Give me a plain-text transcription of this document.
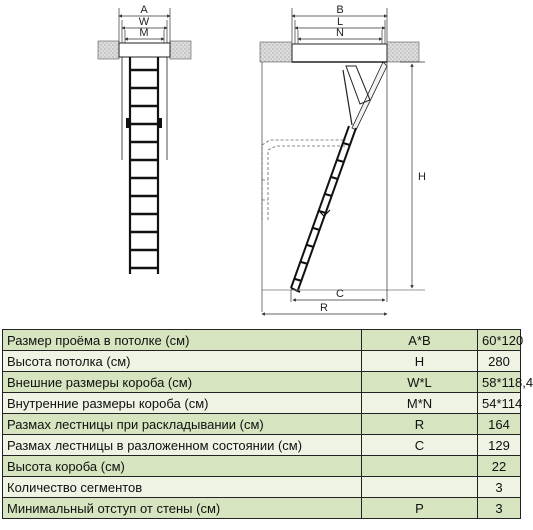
A
W
M
B
L
N
H
C
R
Размер проёма в потолке (см)	A*B	60*120
Высота потолка (см)	H	280
Внешние размеры короба (см)	W*L	58*118,4
Внутренние размеры короба (см)	M*N	54*114
Размах лестницы при раскладывании (см)	R	164
Размах лестницы в разложенном состоянии (см)	C	129
Высота короба (см)		22
Количество сегментов		3
Минимальный отступ от стены (см)	P	3
